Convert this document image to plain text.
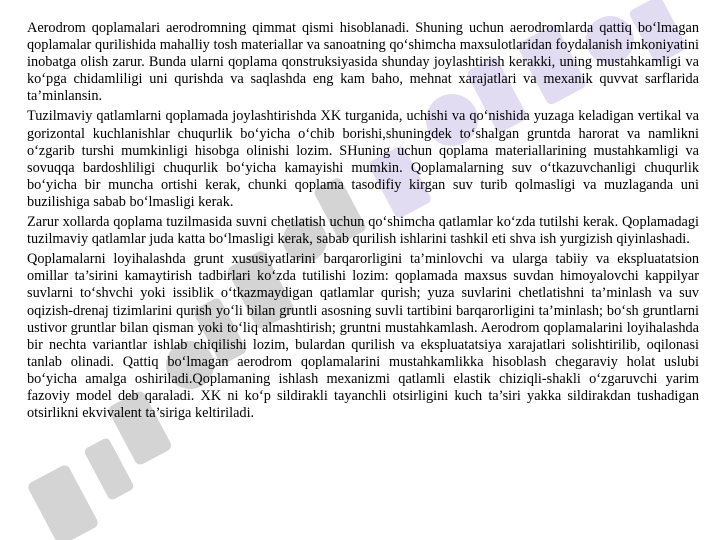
Aerodrom qoplamalari aerodromning qimmat qismi hisoblanadi. Shuning uchun aerodromlarda qattiq bo‘lmagan qoplamalar qurilishida mahalliy tosh materiallar va sanoatning qo‘shimcha maxsulotlaridan foydalanish imkoniyatini inobatga olish zarur. Bunda ularni qoplama qonstruksiyasida shunday joylashtirish kerakki, uning mustahkamligi va ko‘pga chidamliligi uni qurishda va saqlashda eng kam baho, mehnat xarajatlari va mexanik quvvat sarflarida ta’minlansin.

Tuzilmaviy qatlamlarni qoplamada joylashtirishda XK turganida, uchishi va qo‘nishida yuzaga keladigan vertikal va gorizontal kuchlanishlar chuqurlik bo‘yicha o‘chib borishi,shuningdek to‘shalgan gruntda harorat va namlikni o‘zgarib turshi mumkinligi hisobga olinishi lozim. SHuning uchun qoplama materiallarining mustahkamligi va sovuqqa bardoshliligi chuqurlik bo‘yicha kamayishi mumkin. Qoplamalarning suv o‘tkazuvchanligi chuqurlik bo‘yicha bir muncha ortishi kerak, chunki qoplama tasodifiy kirgan suv turib qolmasligi va muzlaganda uni buzilishiga sabab bo‘lmasligi kerak.

Zarur xollarda qoplama tuzilmasida suvni chetlatish uchun qo‘shimcha qatlamlar ko‘zda tutilshi kerak. Qoplamadagi tuzilmaviy qatlamlar juda katta bo‘lmasligi kerak, sabab qurilish ishlarini tashkil eti shva ish yurgizish qiyinlashadi.

Qoplamalarni loyihalashda grunt xususiyatlarini barqarorligini ta’minlovchi va ularga tabiiy va ekspluatatsion omillar ta’sirini kamaytirish tadbirlari ko‘zda tutilishi lozim: qoplamada maxsus suvdan himoyalovchi kappilyar suvlarni to‘shvchi yoki issiblik o‘tkazmaydigan qatlamlar qurish; yuza suvlarini chetlatishni ta’minlash va suv oqizish-drenaj tizimlarini qurish yo‘li bilan gruntli asosning suvli tartibini barqarorligini ta’minlash; bo‘sh gruntlarni ustivor gruntlar bilan qisman yoki to‘liq almashtirish; gruntni mustahkamlash. Aerodrom qoplamalarini loyihalashda bir nechta variantlar ishlab chiqilishi lozim, bulardan qurilish va ekspluatatsiya xarajatlari solishtirilib, oqilonasi tanlab olinadi. Qattiq bo‘lmagan aerodrom qoplamalarini mustahkamlikka hisoblash chegaraviy holat uslubi bo‘yicha amalga oshiriladi.Qoplamaning ishlash mexanizmi qatlamli elastik chiziqli-shakli o‘zgaruvchi yarim fazoviy model deb qaraladi. XK ni ko‘p sildirakli tayanchli otsirligini kuch ta’siri yakka sildirakdan tushadigan otsirlikni ekvivalent ta’siriga keltiriladi.
